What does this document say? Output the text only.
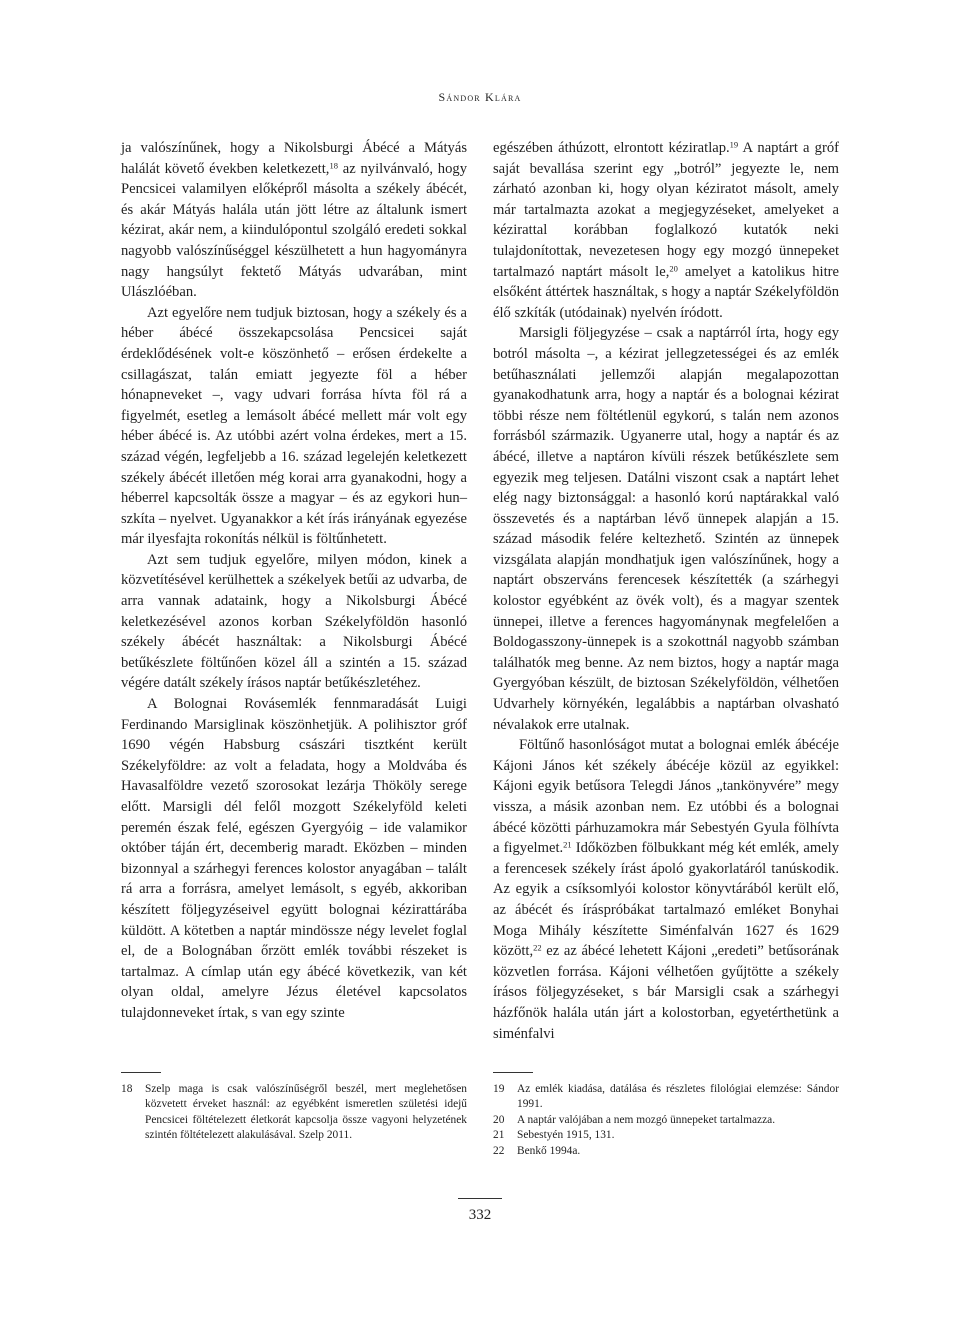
Sándor Klára

ja valószínűnek, hogy a Nikolsburgi Ábécé a Mátyás halálát követő években keletkezett,$^{18}$ az nyilvánvaló, hogy Pencsicei valamilyen előképről másolta a székely ábécét, és akár Mátyás halála után jött létre az általunk ismert kézirat, akár nem, a kiindulópontul szolgáló eredeti sokkal nagyobb valószínűséggel készülhetett a hun hagyományra nagy hangsúlyt fektető Mátyás udvarában, mint Ulászlóéban.

Azt egyelőre nem tudjuk biztosan, hogy a székely és a héber ábécé összekapcsolása Pencsicei saját érdeklődésének volt-e köszönhető – erősen érdekelte a csillagászat, talán emiatt jegyezte föl a héber hónapneveket –, vagy udvari forrása hívta föl rá a figyelmét, esetleg a lemásolt ábécé mellett már volt egy héber ábécé is. Az utóbbi azért volna érdekes, mert a 15. század végén, legfeljebb a 16. század legelején keletkezett székely ábécét illetően még korai arra gyanakodni, hogy a héberrel kapcsolták össze a magyar – és az egykori hun–szkíta – nyelvet. Ugyanakkor a két írás irányának egyezése már ilyesfajta rokonítás nélkül is föltűnhetett.

Azt sem tudjuk egyelőre, milyen módon, kinek a közvetítésével kerülhettek a székelyek betűi az udvarba, de arra vannak adataink, hogy a Nikolsburgi Ábécé keletkezésével azonos korban Székelyföldön hasonló székely ábécét használtak: a Nikolsburgi Ábécé betűkészlete föltűnően közel áll a szintén a 15. század végére datált székely írásos naptár betűkészletéhez.

A Bolognai Rovásemlék fennmaradását Luigi Ferdinando Marsiglinak köszönhetjük. A polihisztor gróf 1690 végén Habsburg császári tisztként került Székelyföldre: az volt a feladata, hogy a Moldvába és Havasalföldre vezető szorosokat lezárja Thököly serege előtt. Marsigli dél felől mozgott Székelyföld keleti peremén észak felé, egészen Gyergyóig – ide valamikor október táján ért, decemberig maradt. Eközben – minden bizonnyal a szárhegyi ferences kolostor anyagában – talált rá arra a forrásra, amelyet lemásolt, s egyéb, akkoriban készített följegyzéseivel együtt bolognai kézirattárába küldött. A kötetben a naptár mindössze négy levelet foglal el, de a Bolognában őrzött emlék további részeket is tartalmaz. A címlap után egy ábécé következik, van két olyan oldal, amelyre Jézus életével kapcsolatos tulajdonneveket írtak, s van egy szinte

egészében áthúzott, elrontott kéziratlap.$^{19}$ A naptárt a gróf saját bevallása szerint egy „botról” jegyezte le, nem zárható azonban ki, hogy olyan kéziratot másolt, amely már tartalmazta azokat a megjegyzéseket, amelyeket a kézirattal korábban foglalkozó kutatók neki tulajdonítottak, nevezetesen hogy egy mozgó ünnepeket tartalmazó naptárt másolt le,$^{20}$ amelyet a katolikus hitre elsőként áttértek használtak, s hogy a naptár Székelyföldön élő szkíták (utódainak) nyelvén íródott.

Marsigli följegyzése – csak a naptárról írta, hogy egy botról másolta –, a kézirat jellegzetességei és az emlék betűhasználati jellemzői alapján megalapozottan gyanakodhatunk arra, hogy a naptár és a bolognai kézirat többi része nem föltétlenül egykorú, s talán nem azonos forrásból származik. Ugyanerre utal, hogy a naptár és az ábécé, illetve a naptáron kívüli részek betűkészlete sem egyezik meg teljesen. Datálni viszont csak a naptárt lehet elég nagy biztonsággal: a hasonló korú naptárakkal való összevetés és a naptárban lévő ünnepek alapján a 15. század második felére keltezhető. Szintén az ünnepek vizsgálata alapján mondhatjuk igen valószínűnek, hogy a naptárt obszerváns ferencesek készítették (a szárhegyi kolostor egyébként az övék volt), és a magyar szentek ünnepei, illetve a ferences hagyománynak megfelelően a Boldogasszony-ünnepek is a szokottnál nagyobb számban találhatók meg benne. Az nem biztos, hogy a naptár maga Gyergyóban készült, de biztosan Székelyföldön, vélhetően Udvarhely környékén, legalábbis a naptárban olvasható névalakok erre utalnak.

Föltűnő hasonlóságot mutat a bolognai emlék ábécéje Kájoni János két székely ábécéje közül az egyikkel: Kájoni egyik betűsora Telegdi János „tankönyvére” megy vissza, a másik azonban nem. Ez utóbbi és a bolognai ábécé közötti párhuzamokra már Sebestyén Gyula fölhívta a figyelmet.$^{21}$ Időközben fölbukkant még két emlék, amely a ferencesek székely írást ápoló gyakorlatáról tanúskodik. Az egyik a csíksomlyói kolostor könyvtárából került elő, az ábécét és íráspróbákat tartalmazó emléket Bonyhai Moga Mihály készítette Siménfalván 1627 és 1629 között,$^{22}$ ez az ábécé lehetett Kájoni „eredeti” betűsorának közvetlen forrása. Kájoni vélhetően gyűjtötte a székely írásos följegyzéseket, s bár Marsigli csak a szárhegyi házfőnök halála után járt a kolostorban, egyetérthetünk a siménfalvi

18 Szelp maga is csak valószínűségről beszél, mert meglehetősen közvetett érveket használ: az egyébként ismeretlen születési idejű Pencsicei föltételezett életkorát kapcsolja össze vagyoni helyzetének szintén föltételezett alakulásával. Szelp 2011.
19 Az emlék kiadása, datálása és részletes filológiai elemzése: Sándor 1991.
20 A naptár valójában a nem mozgó ünnepeket tartalmazza.
21 Sebestyén 1915, 131.
22 Benkő 1994a.
332
